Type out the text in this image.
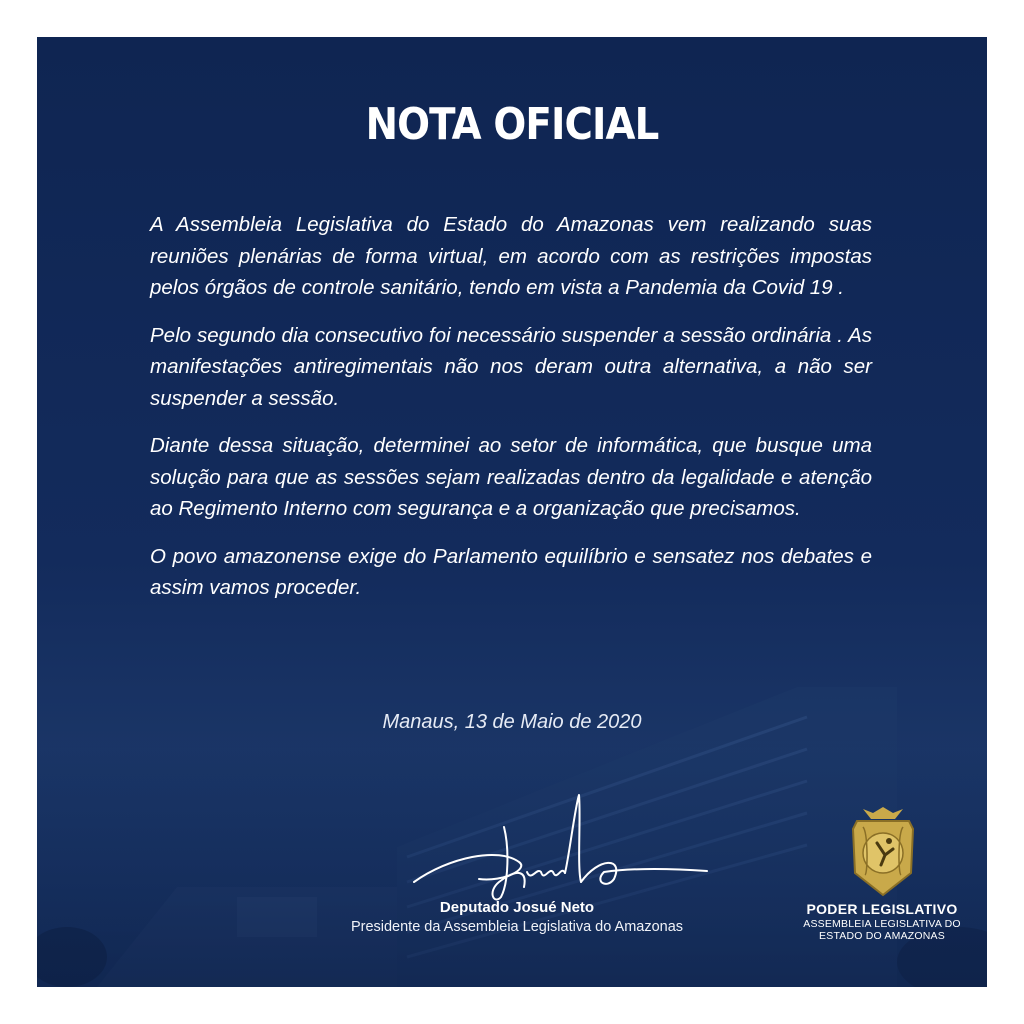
NOTA OFICIAL

A Assembleia Legislativa do Estado do Amazonas vem realizando suas reuniões plenárias de forma virtual, em acordo com as restrições impostas pelos órgãos de controle sanitário, tendo em vista a Pandemia da Covid 19 .

Pelo segundo dia consecutivo foi necessário suspender a sessão ordinária . As manifestações antiregimentais não nos deram outra alternativa, a não ser suspender a sessão.

Diante dessa situação, determinei ao setor de informática, que busque uma solução para que as sessões sejam realizadas dentro da legalidade e atenção ao Regimento Interno com segurança e a organização que precisamos.

O povo amazonense exige do Parlamento equilíbrio e sensatez nos debates e assim vamos proceder.

Manaus, 13 de Maio de 2020
Deputado Josué Neto
Presidente da Assembleia Legislativa do Amazonas
PODER LEGISLATIVO
ASSEMBLEIA LEGISLATIVA DO
ESTADO DO AMAZONAS
